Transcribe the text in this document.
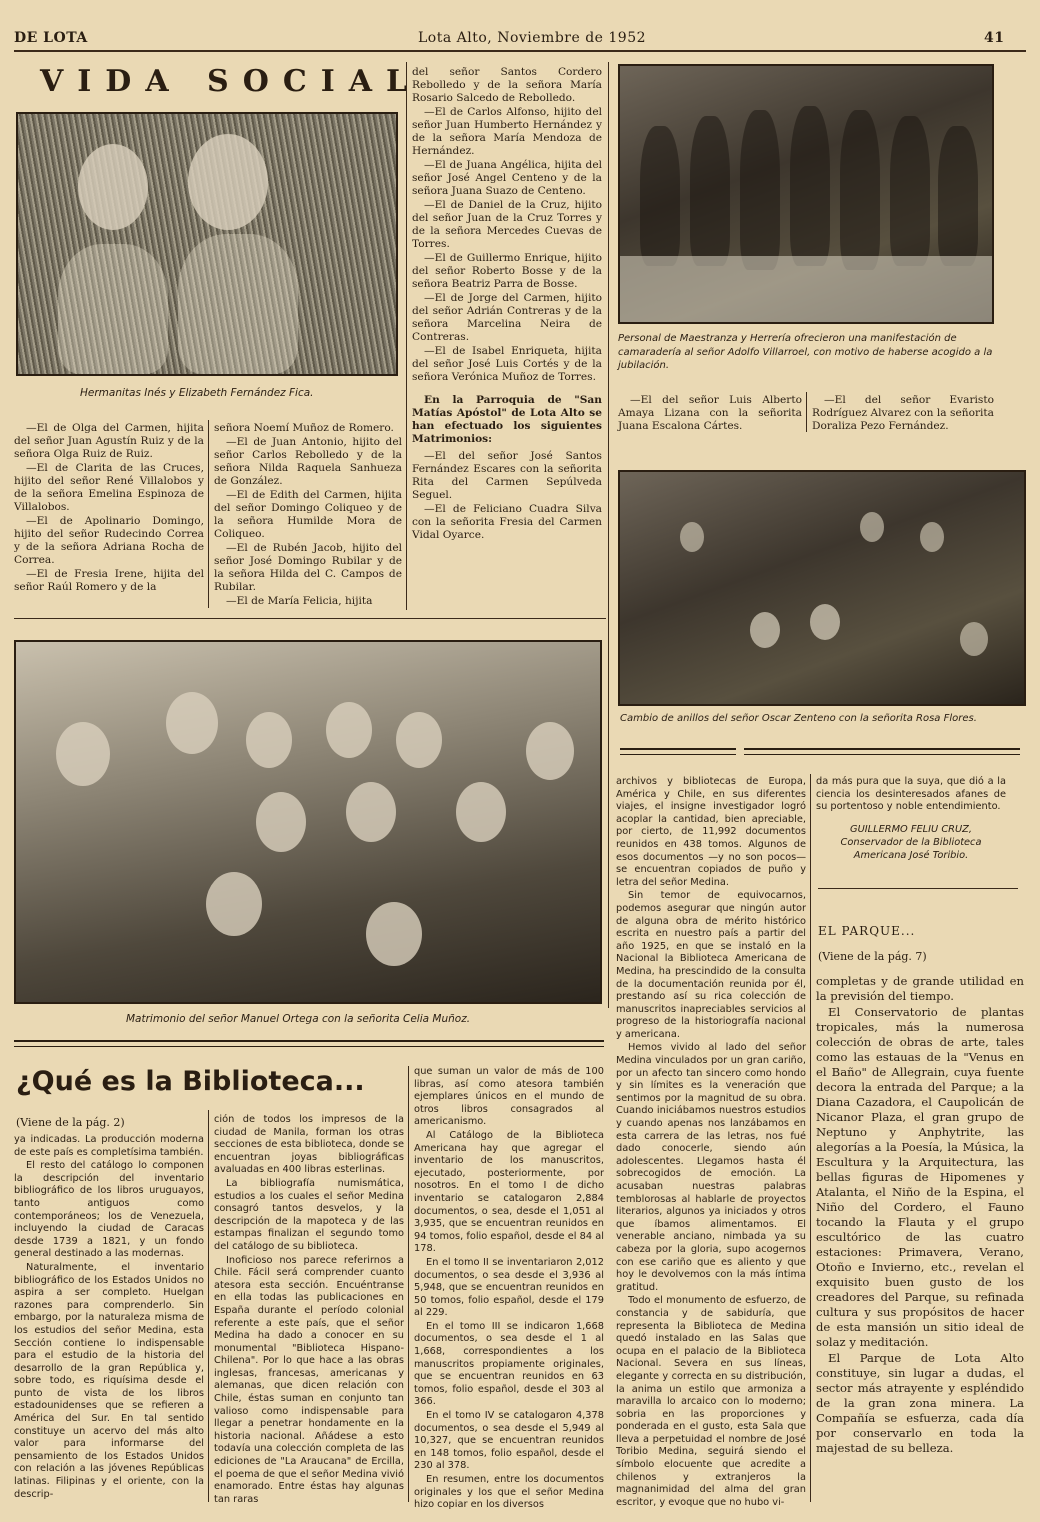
DE LOTA	Lota Alto, Noviembre de 1952	41
VIDA SOCIAL
Hermanitas Inés y Elizabeth Fernández Fica.

—El de Olga del Carmen, hijita del señor Juan Agustín Ruiz y de la señora Olga Ruiz de Ruiz.

—El de Clarita de las Cruces, hijito del señor René Villalobos y de la señora Emelina Espinoza de Villalobos.

—El de Apolinario Domingo, hijito del señor Rudecindo Correa y de la señora Adriana Rocha de Correa.

—El de Fresia Irene, hijita del señor Raúl Romero y de la

señora Noemí Muñoz de Romero.

—El de Juan Antonio, hijito del señor Carlos Rebolledo y de la señora Nilda Raquela Sanhueza de González.

—El de Edith del Carmen, hijita del señor Domingo Coliqueo y de la señora Humilde Mora de Coliqueo.

—El de Rubén Jacob, hijito del señor José Domingo Rubilar y de la señora Hilda del C. Campos de Rubilar.

—El de María Felicia, hijita

del señor Santos Cordero Rebolledo y de la señora María Rosario Salcedo de Rebolledo.

—El de Carlos Alfonso, hijito del señor Juan Humberto Hernández y de la señora María Mendoza de Hernández.

—El de Juana Angélica, hijita del señor José Angel Centeno y de la señora Juana Suazo de Centeno.

—El de Daniel de la Cruz, hijito del señor Juan de la Cruz Torres y de la señora Mercedes Cuevas de Torres.

—El de Guillermo Enrique, hijito del señor Roberto Bosse y de la señora Beatriz Parra de Bosse.

—El de Jorge del Carmen, hijito del señor Adrián Contreras y de la señora Marcelina Neira de Contreras.

—El de Isabel Enriqueta, hijita del señor José Luis Cortés y de la señora Verónica Muñoz de Torres.

En la Parroquia de "San Matías Apóstol" de Lota Alto se han efectuado los siguientes Matrimonios:

—El del señor José Santos Fernández Escares con la señorita Rita del Carmen Sepúlveda Seguel.

—El de Feliciano Cuadra Silva con la señorita Fresia del Carmen Vidal Oyarce.

Personal de Maestranza y Herrería ofrecieron una manifestación de camaradería al señor Adolfo Villarroel, con motivo de haberse acogido a la jubilación.

—El del señor Luis Alberto Amaya Lizana con la señorita Juana Escalona Cártes.

—El del señor Evaristo Rodríguez Alvarez con la señorita Doraliza Pezo Fernández.

Cambio de anillos del señor Oscar Zenteno con la señorita Rosa Flores.
Matrimonio del señor Manuel Ortega con la señorita Celia Muñoz.
¿Qué es la Biblioteca...
(Viene de la pág. 2)

ya indicadas. La producción moderna de este país es completísima también.

El resto del catálogo lo componen la descripción del inventario bibliográfico de los libros uruguayos, tanto antiguos como contemporáneos; los de Venezuela, incluyendo la ciudad de Caracas desde 1739 a 1821, y un fondo general destinado a las modernas.

Naturalmente, el inventario bibliográfico de los Estados Unidos no aspira a ser completo. Huelgan razones para comprenderlo. Sin embargo, por la naturaleza misma de los estudios del señor Medina, esta Sección contiene lo indispensable para el estudio de la historia del desarrollo de la gran República y, sobre todo, es riquísima desde el punto de vista de los libros estadounidenses que se refieren a América del Sur. En tal sentido constituye un acervo del más alto valor para informarse del pensamiento de los Estados Unidos con relación a las jóvenes Repúblicas latinas. Filipinas y el oriente, con la descrip-

ción de todos los impresos de la ciudad de Manila, forman los otras secciones de esta biblioteca, donde se encuentran joyas bibliográficas avaluadas en 400 libras esterlinas.

La bibliografía numismática, estudios a los cuales el señor Medina consagró tantos desvelos, y la descripción de la mapoteca y de las estampas finalizan el segundo tomo del catálogo de su biblioteca.

Inoficioso nos parece referirnos a Chile. Fácil será comprender cuanto atesora esta sección. Encuéntranse en ella todas las publicaciones en España durante el período colonial referente a este país, que el señor Medina ha dado a conocer en su monumental "Biblioteca Hispano-Chilena". Por lo que hace a las obras inglesas, francesas, americanas y alemanas, que dicen relación con Chile, éstas suman en conjunto tan valioso como indispensable para llegar a penetrar hondamente en la historia nacional. Añádese a esto todavía una colección completa de las ediciones de "La Araucana" de Ercilla, el poema de que el señor Medina vivió enamorado. Entre éstas hay algunas tan raras

que suman un valor de más de 100 libras, así como atesora también ejemplares únicos en el mundo de otros libros consagrados al americanismo.

Al Catálogo de la Biblioteca Americana hay que agregar el inventario de los manuscritos, ejecutado, posteriormente, por nosotros. En el tomo I de dicho inventario se catalogaron 2,884 documentos, o sea, desde el 1,051 al 3,935, que se encuentran reunidos en 94 tomos, folio español, desde el 84 al 178.

En el tomo II se inventariaron 2,012 documentos, o sea desde el 3,936 al 5,948, que se encuentran reunidos en 50 tomos, folio español, desde el 179 al 229.

En el tomo III se indicaron 1,668 documentos, o sea desde el 1 al 1,668, correspondientes a los manuscritos propiamente originales, que se encuentran reunidos en 63 tomos, folio español, desde el 303 al 366.

En el tomo IV se catalogaron 4,378 documentos, o sea desde el 5,949 al 10,327, que se encuentran reunidos en 148 tomos, folio español, desde el 230 al 378.

En resumen, entre los documentos originales y los que el señor Medina hizo copiar en los diversos

archivos y bibliotecas de Europa, América y Chile, en sus diferentes viajes, el insigne investigador logró acoplar la cantidad, bien apreciable, por cierto, de 11,992 documentos reunidos en 438 tomos. Algunos de esos documentos —y no son pocos— se encuentran copiados de puño y letra del señor Medina.

Sin temor de equivocarnos, podemos asegurar que ningún autor de alguna obra de mérito histórico escrita en nuestro país a partir del año 1925, en que se instaló en la Nacional la Biblioteca Americana de Medina, ha prescindido de la consulta de la documentación reunida por él, prestando así su rica colección de manuscritos inapreciables servicios al progreso de la historiografía nacional y americana.

Hemos vivido al lado del señor Medina vinculados por un gran cariño, por un afecto tan sincero como hondo y sin límites es la veneración que sentimos por la magnitud de su obra. Cuando iniciábamos nuestros estudios y cuando apenas nos lanzábamos en esta carrera de las letras, nos fué dado conocerle, siendo aún adolescentes. Llegamos hasta él sobrecogidos de emoción. La acusaban nuestras palabras temblorosas al hablarle de proyectos literarios, algunos ya iniciados y otros que íbamos alimentamos. El venerable anciano, nimbada ya su cabeza por la gloria, supo acogernos con ese cariño que es aliento y que hoy le devolvemos con la más íntima gratitud.

Todo el monumento de esfuerzo, de constancia y de sabiduría, que representa la Biblioteca de Medina quedó instalado en las Salas que ocupa en el palacio de la Biblioteca Nacional. Severa en sus líneas, elegante y correcta en su distribución, la anima un estilo que armoniza a maravilla lo arcaico con lo moderno; sobria en las proporciones y ponderada en el gusto, esta Sala que lleva a perpetuidad el nombre de José Toribio Medina, seguirá siendo el símbolo elocuente que acredite a chilenos y extranjeros la magnanimidad del alma del gran escritor, y evoque que no hubo vi-

da más pura que la suya, que dió a la ciencia los desinteresados afanes de su portentoso y noble entendimiento.

GUILLERMO FELIU CRUZ,

Conservador de la Biblioteca Americana José Toribio.

EL PARQUE...
(Viene de la pág. 7)

completas y de grande utilidad en la previsión del tiempo.

El Conservatorio de plantas tropicales, más la numerosa colección de obras de arte, tales como las estauas de la "Venus en el Baño" de Allegrain, cuya fuente decora la entrada del Parque; a la Diana Cazadora, el Caupolicán de Nicanor Plaza, el gran grupo de Neptuno y Anphytrite, las alegorías a la Poesía, la Música, la Escultura y la Arquitectura, las bellas figuras de Hipomenes y Atalanta, el Niño de la Espina, el Niño del Cordero, el Fauno tocando la Flauta y el grupo escultórico de las cuatro estaciones: Primavera, Verano, Otoño e Invierno, etc., revelan el exquisito buen gusto de los creadores del Parque, su refinada cultura y sus propósitos de hacer de esta mansión un sitio ideal de solaz y meditación.

El Parque de Lota Alto constituye, sin lugar a dudas, el sector más atrayente y espléndido de la gran zona minera. La Compañía se esfuerza, cada día por conservarlo en toda la majestad de su belleza.
